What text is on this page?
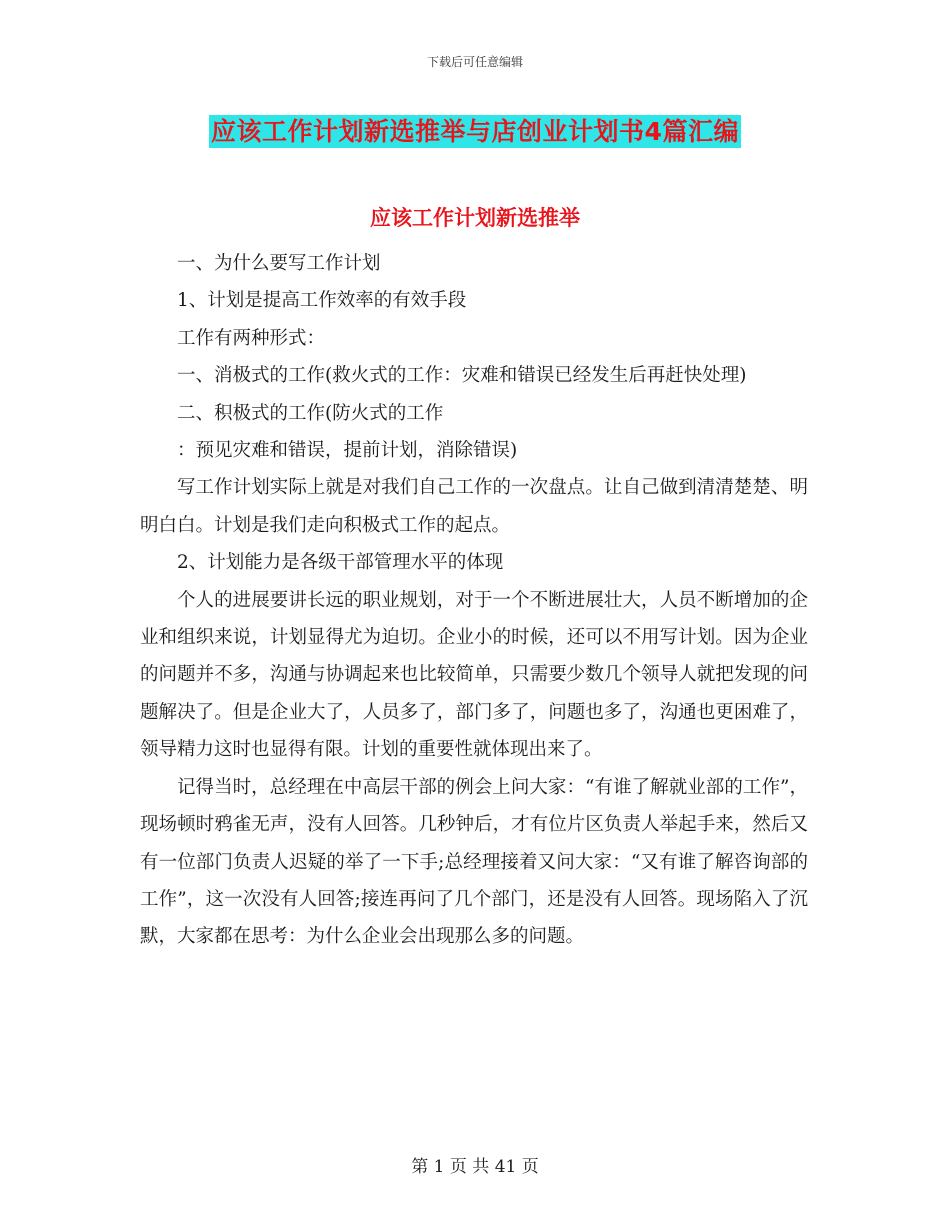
下载后可任意编辑
应该工作计划新选推举与店创业计划书4篇汇编
应该工作计划新选推举

一、为什么要写工作计划

1、计划是提高工作效率的有效手段

工作有两种形式：

一、消极式的工作(救火式的工作：灾难和错误已经发生后再赶快处理)

二、积极式的工作(防火式的工作

：预见灾难和错误，提前计划，消除错误)

写工作计划实际上就是对我们自己工作的一次盘点。让自己做到清清楚楚、明明白白。计划是我们走向积极式工作的起点。

2、计划能力是各级干部管理水平的体现

个人的进展要讲长远的职业规划，对于一个不断进展壮大，人员不断增加的企业和组织来说，计划显得尤为迫切。企业小的时候，还可以不用写计划。因为企业的问题并不多，沟通与协调起来也比较简单，只需要少数几个领导人就把发现的问题解决了。但是企业大了，人员多了，部门多了，问题也多了，沟通也更困难了，领导精力这时也显得有限。计划的重要性就体现出来了。

记得当时，总经理在中高层干部的例会上问大家：“有谁了解就业部的工作”，现场顿时鸦雀无声，没有人回答。几秒钟后，才有位片区负责人举起手来，然后又有一位部门负责人迟疑的举了一下手;总经理接着又问大家：“又有谁了解咨询部的工作”，这一次没有人回答;接连再问了几个部门，还是没有人回答。现场陷入了沉默，大家都在思考：为什么企业会出现那么多的问题。

第 1 页 共 41 页
